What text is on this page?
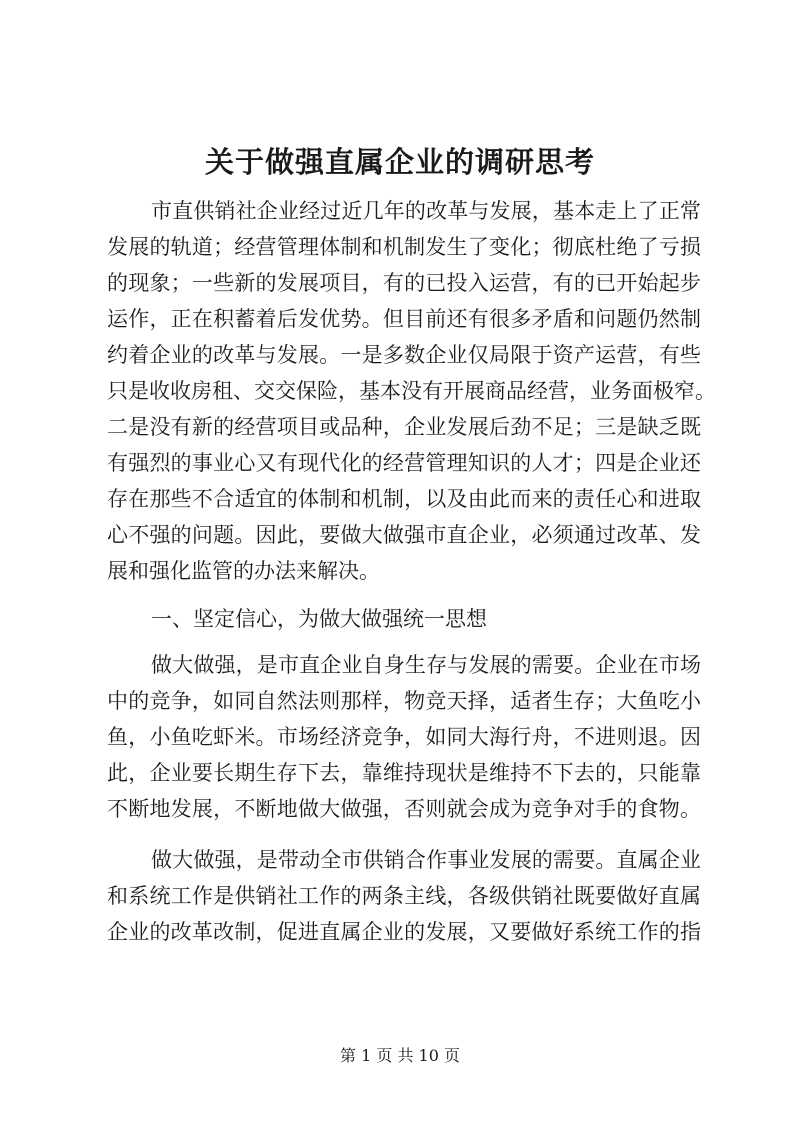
关于做强直属企业的调研思考
市直供销社企业经过近几年的改革与发展，基本走上了正常
发展的轨道；经营管理体制和机制发生了变化；彻底杜绝了亏损
的现象；一些新的发展项目，有的已投入运营，有的已开始起步
运作，正在积蓄着后发优势。但目前还有很多矛盾和问题仍然制
约着企业的改革与发展。一是多数企业仅局限于资产运营，有些
只是收收房租、交交保险，基本没有开展商品经营，业务面极窄。
二是没有新的经营项目或品种，企业发展后劲不足；三是缺乏既
有强烈的事业心又有现代化的经营管理知识的人才；四是企业还
存在那些不合适宜的体制和机制，以及由此而来的责任心和进取
心不强的问题。因此，要做大做强市直企业，必须通过改革、发
展和强化监管的办法来解决。
一、坚定信心，为做大做强统一思想
做大做强，是市直企业自身生存与发展的需要。企业在市场
中的竞争，如同自然法则那样，物竞天择，适者生存；大鱼吃小
鱼，小鱼吃虾米。市场经济竞争，如同大海行舟，不进则退。因
此，企业要长期生存下去，靠维持现状是维持不下去的，只能靠
不断地发展，不断地做大做强，否则就会成为竞争对手的食物。
做大做强，是带动全市供销合作事业发展的需要。直属企业
和系统工作是供销社工作的两条主线，各级供销社既要做好直属
企业的改革改制，促进直属企业的发展，又要做好系统工作的指
第 1 页 共 10 页
